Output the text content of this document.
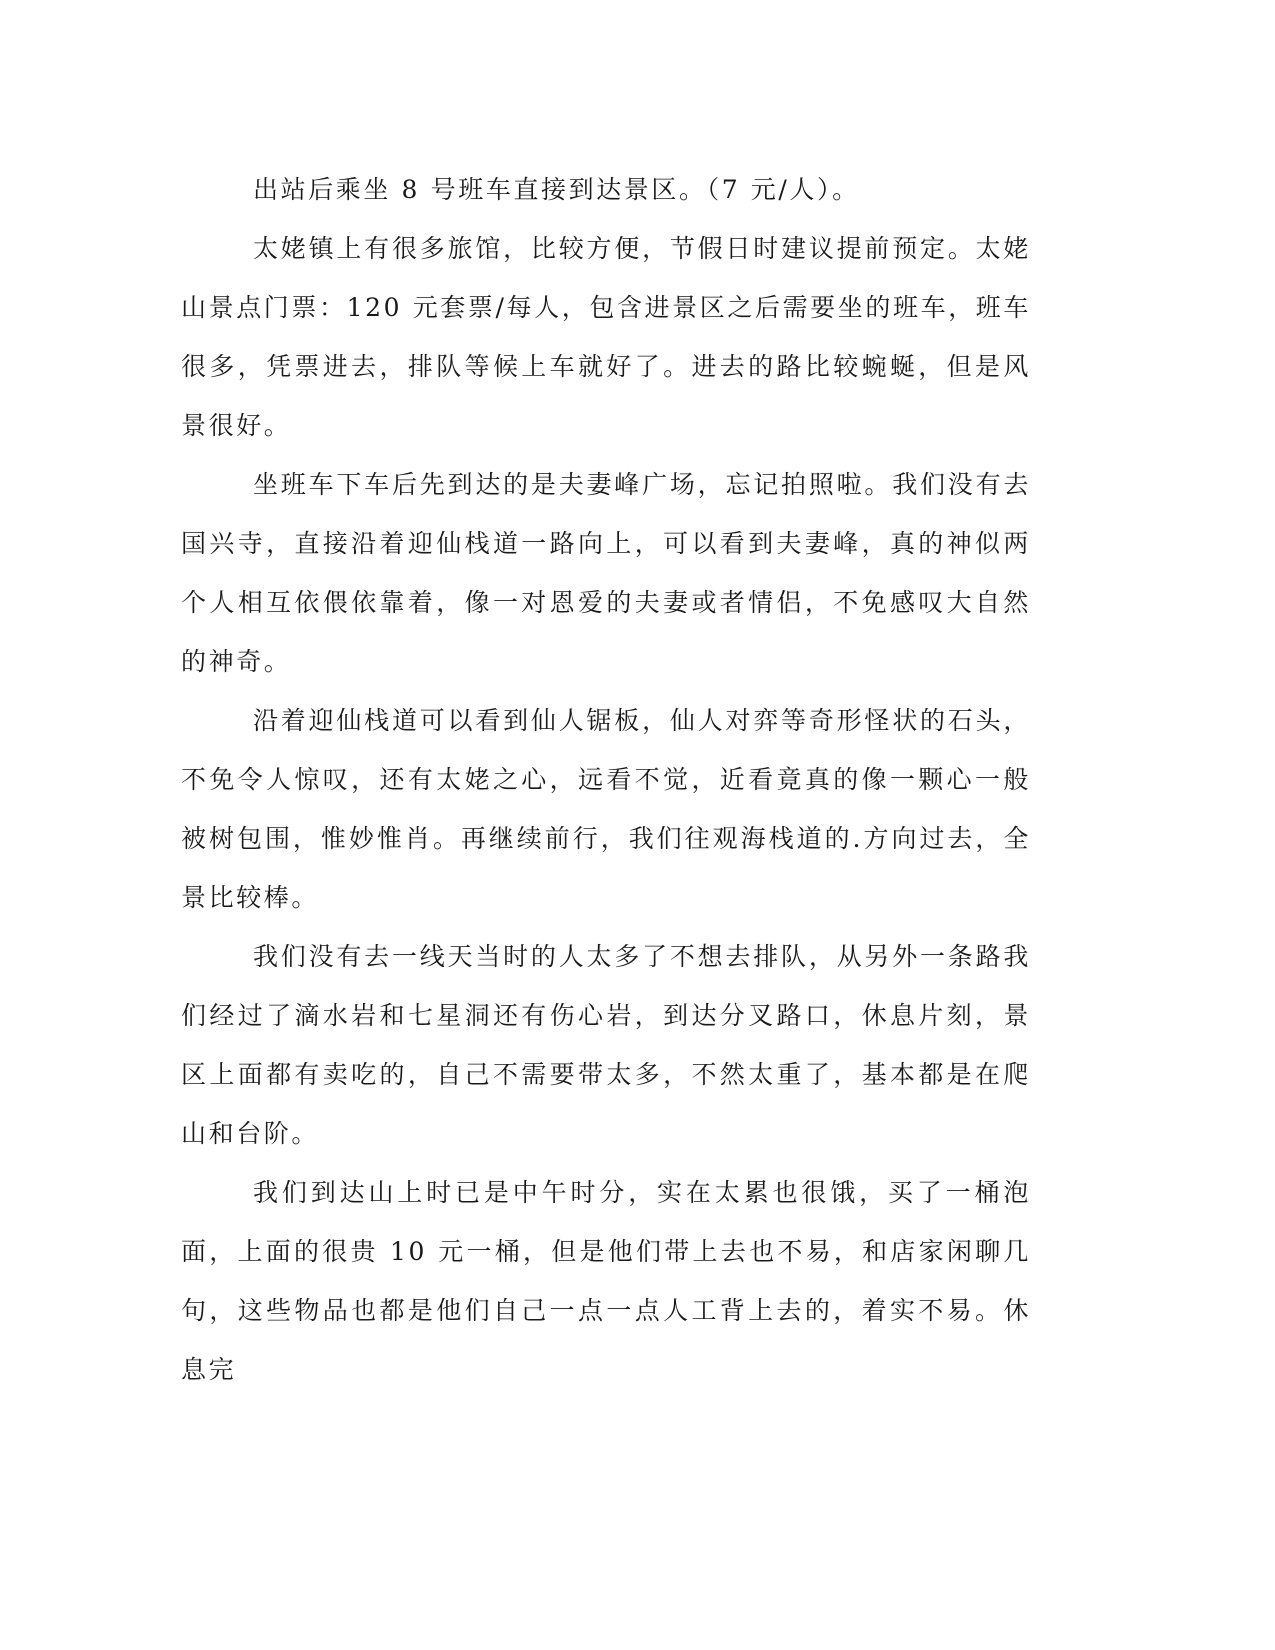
出站后乘坐 8 号班车直接到达景区。（7 元/人）。

太姥镇上有很多旅馆，比较方便，节假日时建议提前预定。太姥山景点门票：120 元套票/每人，包含进景区之后需要坐的班车，班车很多，凭票进去，排队等候上车就好了。进去的路比较蜿蜒，但是风景很好。

坐班车下车后先到达的是夫妻峰广场，忘记拍照啦。我们没有去国兴寺，直接沿着迎仙栈道一路向上，可以看到夫妻峰，真的神似两个人相互依偎依靠着，像一对恩爱的夫妻或者情侣，不免感叹大自然的神奇。

沿着迎仙栈道可以看到仙人锯板，仙人对弈等奇形怪状的石头，不免令人惊叹，还有太姥之心，远看不觉，近看竟真的像一颗心一般被树包围，惟妙惟肖。再继续前行，我们往观海栈道的.方向过去，全景比较棒。

我们没有去一线天当时的人太多了不想去排队，从另外一条路我们经过了滴水岩和七星洞还有伤心岩，到达分叉路口，休息片刻，景区上面都有卖吃的，自己不需要带太多，不然太重了，基本都是在爬山和台阶。

我们到达山上时已是中午时分，实在太累也很饿，买了一桶泡面，上面的很贵 10 元一桶，但是他们带上去也不易，和店家闲聊几句，这些物品也都是他们自己一点一点人工背上去的，着实不易。休息完
